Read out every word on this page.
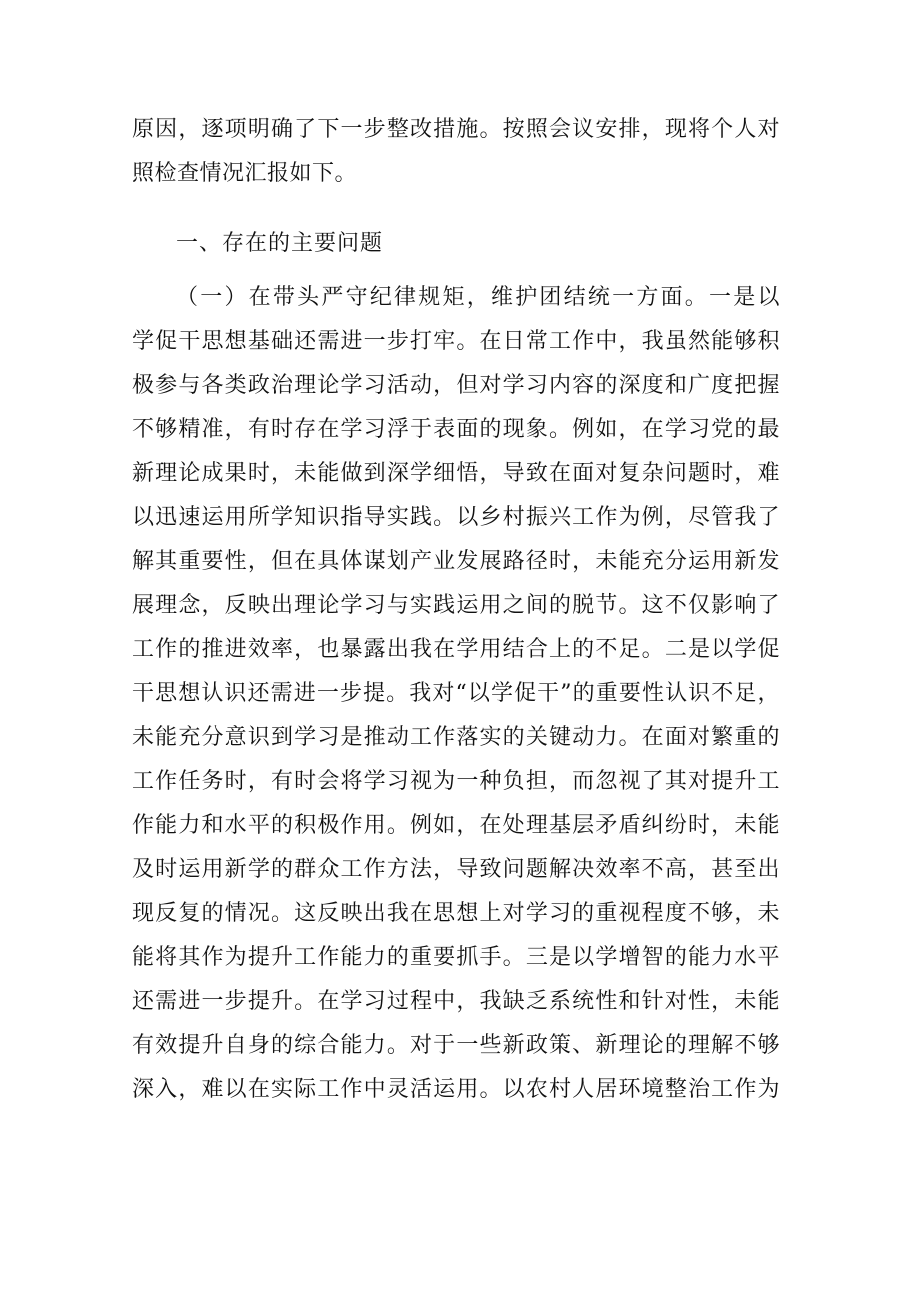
原因，逐项明确了下一步整改措施。按照会议安排，现将个人对
照检查情况汇报如下。
一、存在的主要问题
（一）在带头严守纪律规矩，维护团结统一方面。一是以
学促干思想基础还需进一步打牢。在日常工作中，我虽然能够积
极参与各类政治理论学习活动，但对学习内容的深度和广度把握
不够精准，有时存在学习浮于表面的现象。例如，在学习党的最
新理论成果时，未能做到深学细悟，导致在面对复杂问题时，难
以迅速运用所学知识指导实践。以乡村振兴工作为例，尽管我了
解其重要性，但在具体谋划产业发展路径时，未能充分运用新发
展理念，反映出理论学习与实践运用之间的脱节。这不仅影响了
工作的推进效率，也暴露出我在学用结合上的不足。二是以学促
干思想认识还需进一步提。我对“以学促干”的重要性认识不足，
未能充分意识到学习是推动工作落实的关键动力。在面对繁重的
工作任务时，有时会将学习视为一种负担，而忽视了其对提升工
作能力和水平的积极作用。例如，在处理基层矛盾纠纷时，未能
及时运用新学的群众工作方法，导致问题解决效率不高，甚至出
现反复的情况。这反映出我在思想上对学习的重视程度不够，未
能将其作为提升工作能力的重要抓手。三是以学增智的能力水平
还需进一步提升。在学习过程中，我缺乏系统性和针对性，未能
有效提升自身的综合能力。对于一些新政策、新理论的理解不够
深入，难以在实际工作中灵活运用。以农村人居环境整治工作为
